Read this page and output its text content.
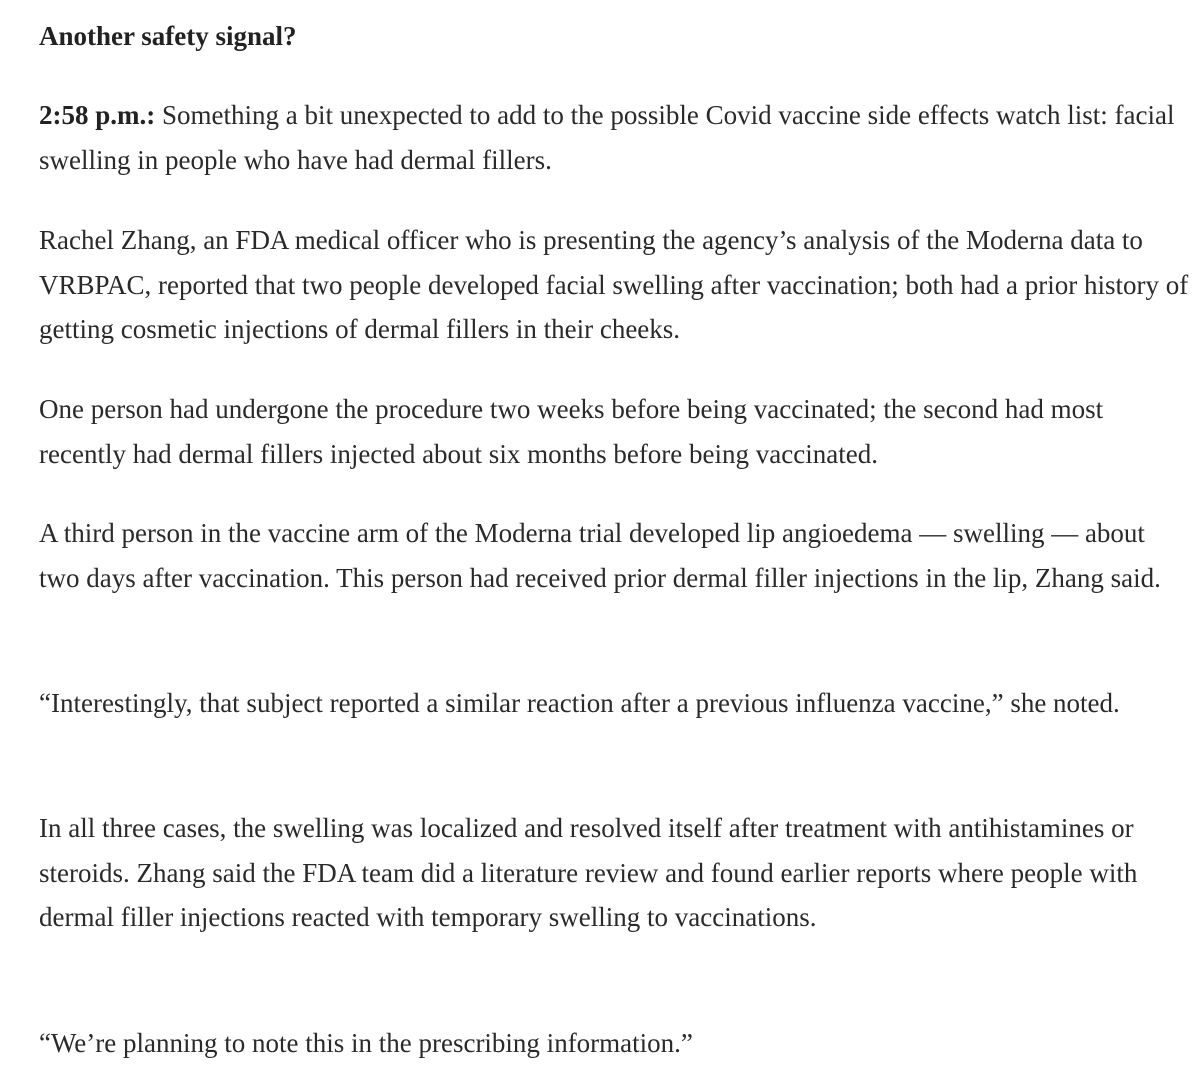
Another safety signal?

2:58 p.m.: Something a bit unexpected to add to the possible Covid vaccine side effects watch list: facial swelling in people who have had dermal fillers.

Rachel Zhang, an FDA medical officer who is presenting the agency’s analysis of the Moderna data to VRBPAC, reported that two people developed facial swelling after vaccination; both had a prior history of getting cosmetic injections of dermal fillers in their cheeks.

One person had undergone the procedure two weeks before being vaccinated; the second had most recently had dermal fillers injected about six months before being vaccinated.

A third person in the vaccine arm of the Moderna trial developed lip angioedema — swelling — about two days after vaccination. This person had received prior dermal filler injections in the lip, Zhang said.

“Interestingly, that subject reported a similar reaction after a previous influenza vaccine,” she noted.

In all three cases, the swelling was localized and resolved itself after treatment with antihistamines or steroids. Zhang said the FDA team did a literature review and found earlier reports where people with dermal filler injections reacted with temporary swelling to vaccinations.

“We’re planning to note this in the prescribing information.”
